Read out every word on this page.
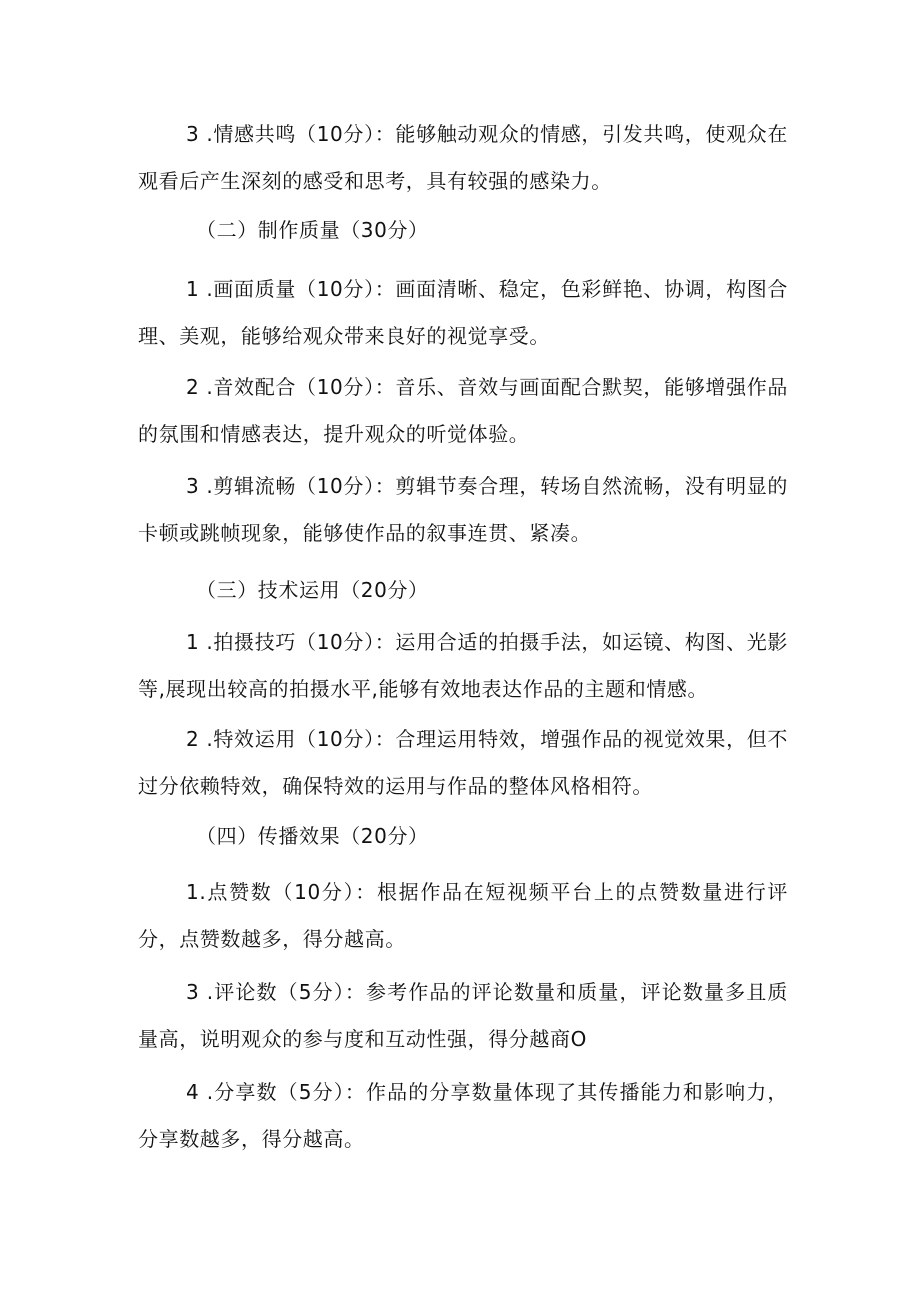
3 .情感共鸣（10分）：能够触动观众的情感，引发共鸣，使观众在观看后产生深刻的感受和思考，具有较强的感染力。

（二）制作质量（30分）

1 .画面质量（10分）：画面清晰、稳定，色彩鲜艳、协调，构图合理、美观，能够给观众带来良好的视觉享受。

2 .音效配合（10分）：音乐、音效与画面配合默契，能够增强作品的氛围和情感表达，提升观众的听觉体验。

3 .剪辑流畅（10分）：剪辑节奏合理，转场自然流畅，没有明显的卡顿或跳帧现象，能够使作品的叙事连贯、紧凑。

（三）技术运用（20分）

1 .拍摄技巧（10分）：运用合适的拍摄手法，如运镜、构图、光影等,展现出较高的拍摄水平,能够有效地表达作品的主题和情感。

2 .特效运用（10分）：合理运用特效，增强作品的视觉效果，但不过分依赖特效，确保特效的运用与作品的整体风格相符。

（四）传播效果（20分）

1.点赞数（10分）：根据作品在短视频平台上的点赞数量进行评分，点赞数越多，得分越高。

3 .评论数（5分）：参考作品的评论数量和质量，评论数量多且质量高，说明观众的参与度和互动性强，得分越商O

4 .分享数（5分）：作品的分享数量体现了其传播能力和影响力，分享数越多，得分越高。
